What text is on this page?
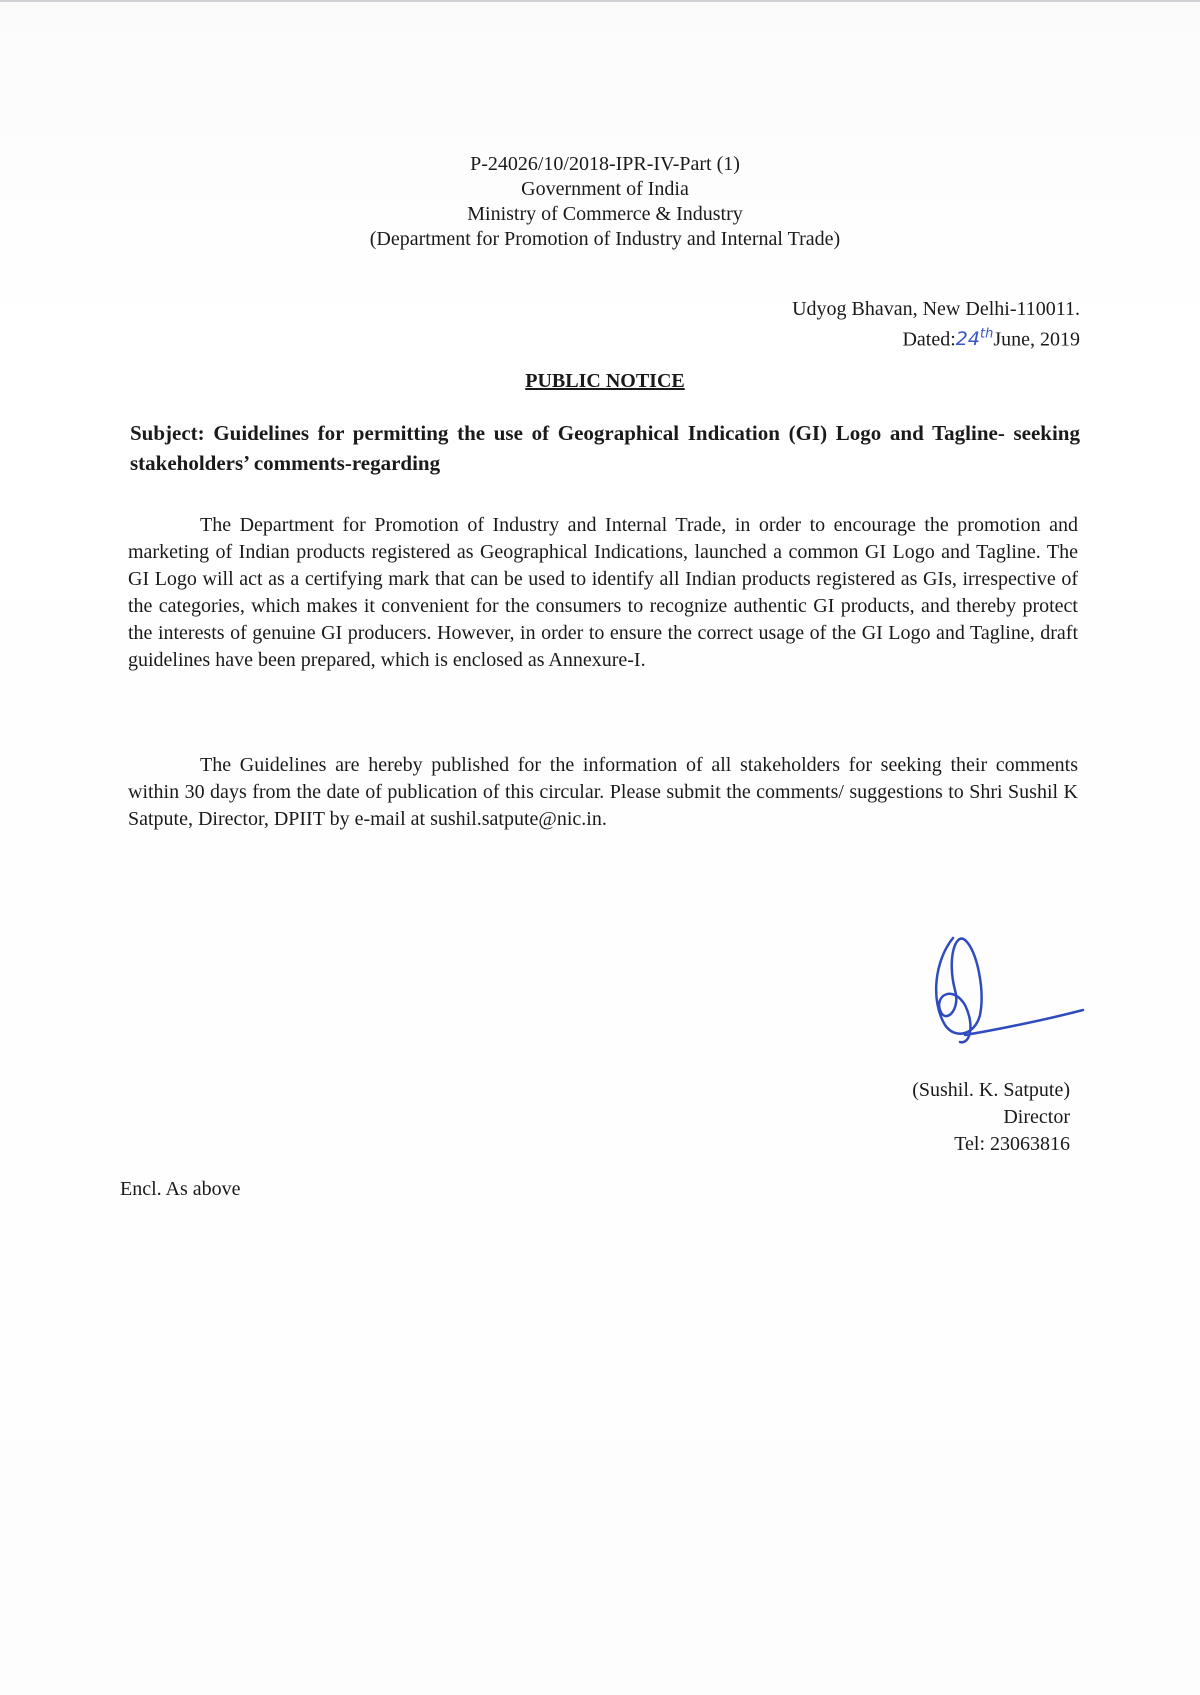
P-24026/10/2018-IPR-IV-Part (1)
Government of India
Ministry of Commerce & Industry
(Department for Promotion of Industry and Internal Trade)
Udyog Bhavan, New Delhi-110011.
Dated:24thJune, 2019
PUBLIC NOTICE
Subject: Guidelines for permitting the use of Geographical Indication (GI) Logo and Tagline- seeking stakeholders’ comments-regarding
The Department for Promotion of Industry and Internal Trade, in order to encourage the promotion and marketing of Indian products registered as Geographical Indications, launched a common GI Logo and Tagline. The GI Logo will act as a certifying mark that can be used to identify all Indian products registered as GIs, irrespective of the categories, which makes it convenient for the consumers to recognize authentic GI products, and thereby protect the interests of genuine GI producers. However, in order to ensure the correct usage of the GI Logo and Tagline, draft guidelines have been prepared, which is enclosed as Annexure-I.
The Guidelines are hereby published for the information of all stakeholders for seeking their comments within 30 days from the date of publication of this circular. Please submit the comments/ suggestions to Shri Sushil K Satpute, Director, DPIIT by e-mail at sushil.satpute@nic.in.
(Sushil. K. Satpute)
Director
Tel: 23063816
Encl. As above
